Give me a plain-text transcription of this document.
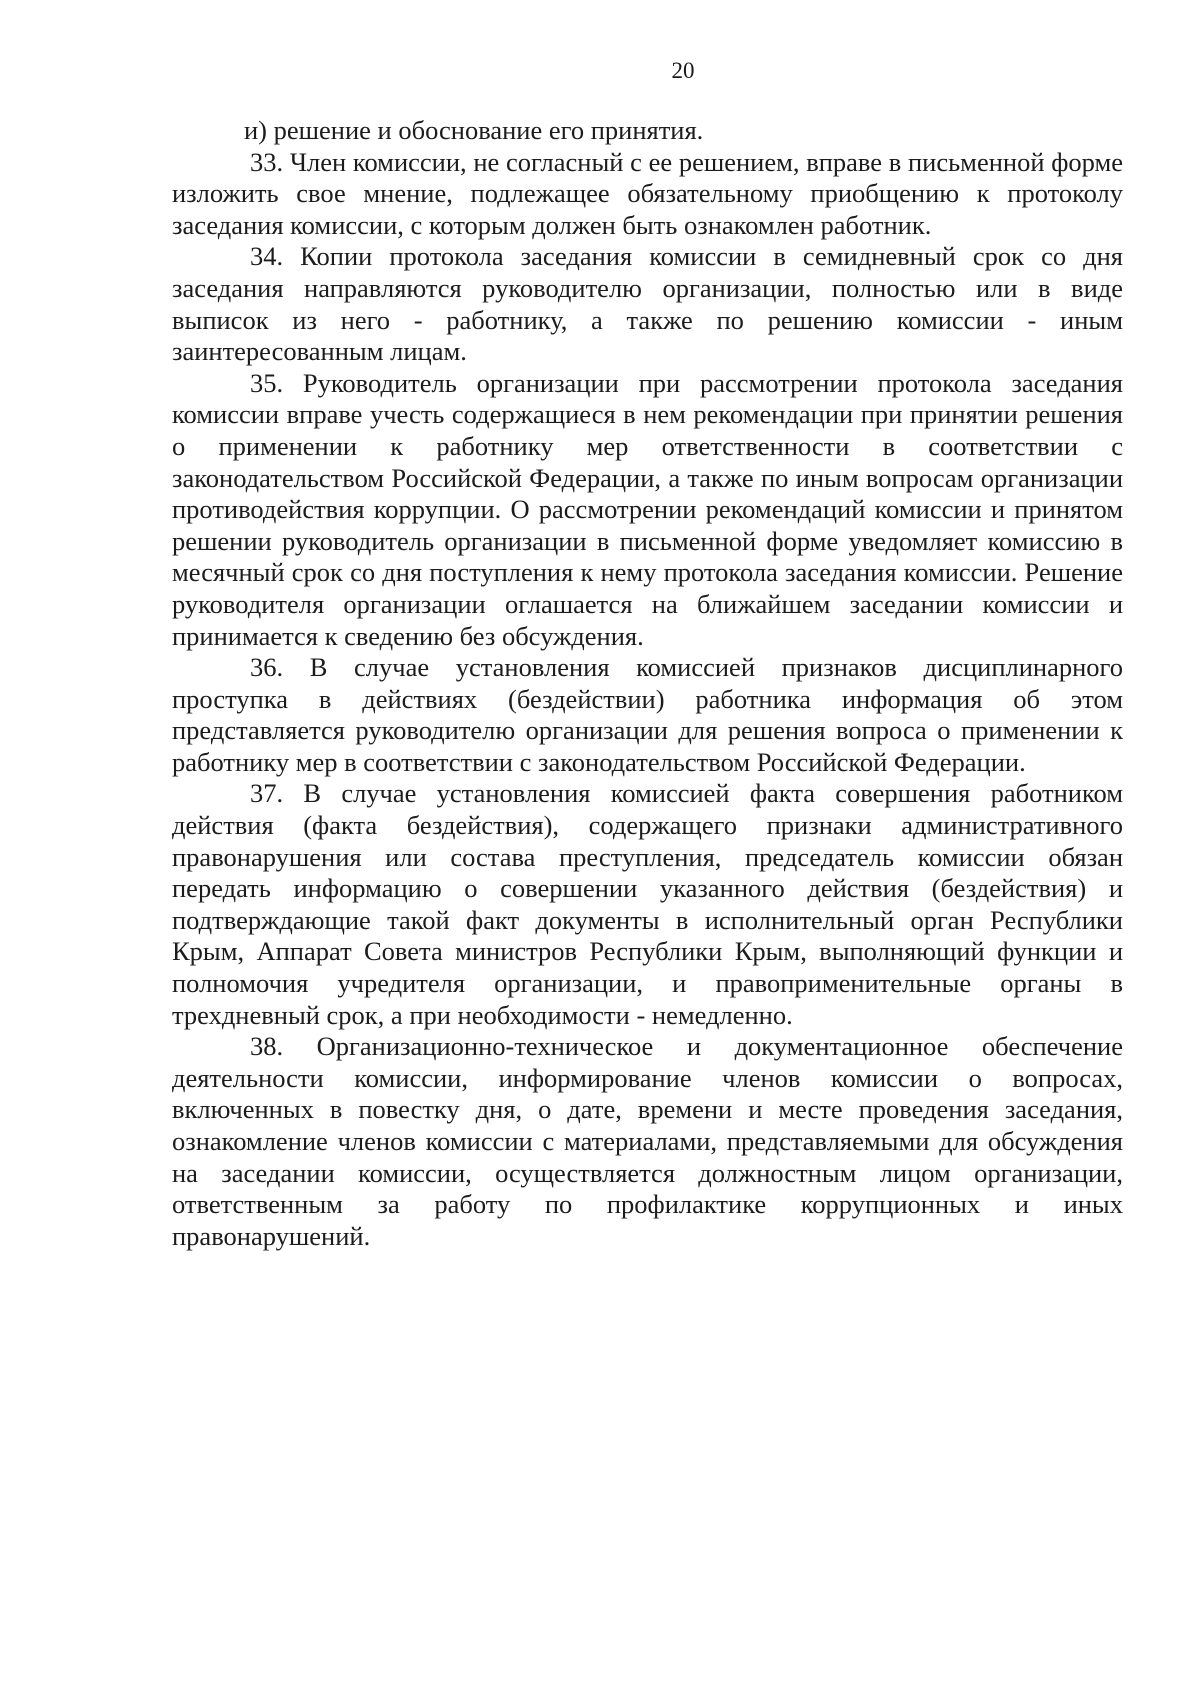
20

и) решение и обоснование его принятия.

33. Член комиссии, не согласный с ее решением, вправе в письменной форме изложить свое мнение, подлежащее обязательному приобщению к протоколу заседания комиссии, с которым должен быть ознакомлен работник.

34. Копии протокола заседания комиссии в семидневный срок со дня заседания направляются руководителю организации, полностью или в виде выписок из него - работнику, а также по решению комиссии - иным заинтересованным лицам.

35. Руководитель организации при рассмотрении протокола заседания комиссии вправе учесть содержащиеся в нем рекомендации при принятии решения о применении к работнику мер ответственности в соответствии с законодательством Российской Федерации, а также по иным вопросам организации противодействия коррупции. О рассмотрении рекомендаций комиссии и принятом решении руководитель организации в письменной форме уведомляет комиссию в месячный срок со дня поступления к нему протокола заседания комиссии. Решение руководителя организации оглашается на ближайшем заседании комиссии и принимается к сведению без обсуждения.

36. В случае установления комиссией признаков дисциплинарного проступка в действиях (бездействии) работника информация об этом представляется руководителю организации для решения вопроса о применении к работнику мер в соответствии с законодательством Российской Федерации.

37. В случае установления комиссией факта совершения работником действия (факта бездействия), содержащего признаки административного правонарушения или состава преступления, председатель комиссии обязан передать информацию о совершении указанного действия (бездействия) и подтверждающие такой факт документы в исполнительный орган Республики Крым, Аппарат Совета министров Республики Крым, выполняющий функции и полномочия учредителя организации, и правоприменительные органы в трехдневный срок, а при необходимости - немедленно.

38. Организационно-техническое и документационное обеспечение деятельности комиссии, информирование членов комиссии о вопросах, включенных в повестку дня, о дате, времени и месте проведения заседания, ознакомление членов комиссии с материалами, представляемыми для обсуждения на заседании комиссии, осуществляется должностным лицом организации, ответственным за работу по профилактике коррупционных и иных правонарушений.
